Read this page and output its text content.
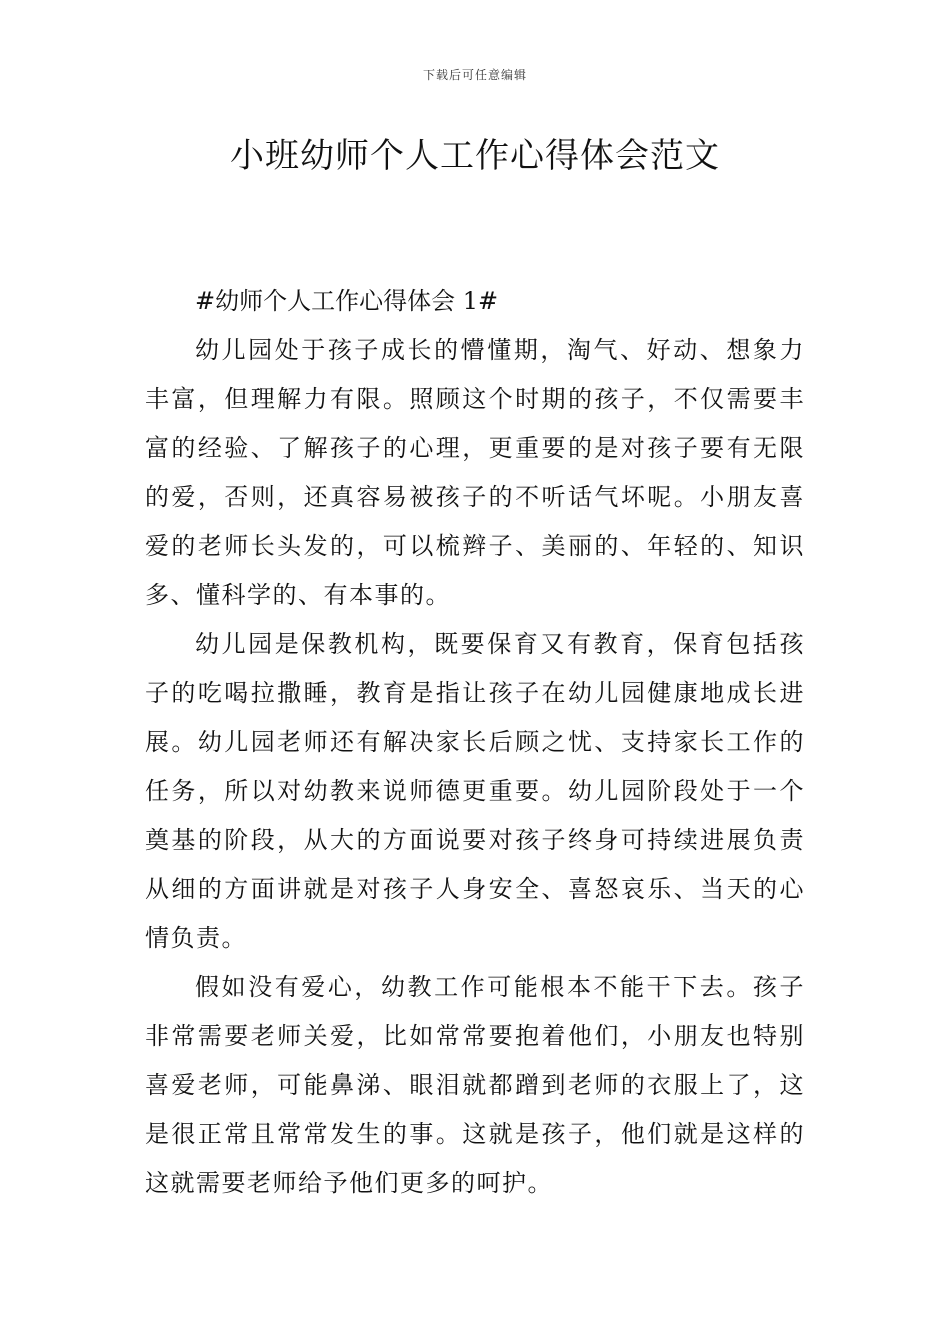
下载后可任意编辑
小班幼师个人工作心得体会范文

#幼师个人工作心得体会 1#

幼儿园处于孩子成长的懵懂期，淘气、好动、想象力丰富，但理解力有限。照顾这个时期的孩子，不仅需要丰富的经验、了解孩子的心理，更重要的是对孩子要有无限的爱，否则，还真容易被孩子的不听话气坏呢。小朋友喜爱的老师长头发的，可以梳辫子、美丽的、年轻的、知识多、懂科学的、有本事的。

幼儿园是保教机构，既要保育又有教育，保育包括孩子的吃喝拉撒睡，教育是指让孩子在幼儿园健康地成长进展。幼儿园老师还有解决家长后顾之忧、支持家长工作的任务，所以对幼教来说师德更重要。幼儿园阶段处于一个奠基的阶段，从大的方面说要对孩子终身可持续进展负责从细的方面讲就是对孩子人身安全、喜怒哀乐、当天的心情负责。

假如没有爱心，幼教工作可能根本不能干下去。孩子非常需要老师关爱，比如常常要抱着他们，小朋友也特别喜爱老师，可能鼻涕、眼泪就都蹭到老师的衣服上了，这是很正常且常常发生的事。这就是孩子，他们就是这样的这就需要老师给予他们更多的呵护。
